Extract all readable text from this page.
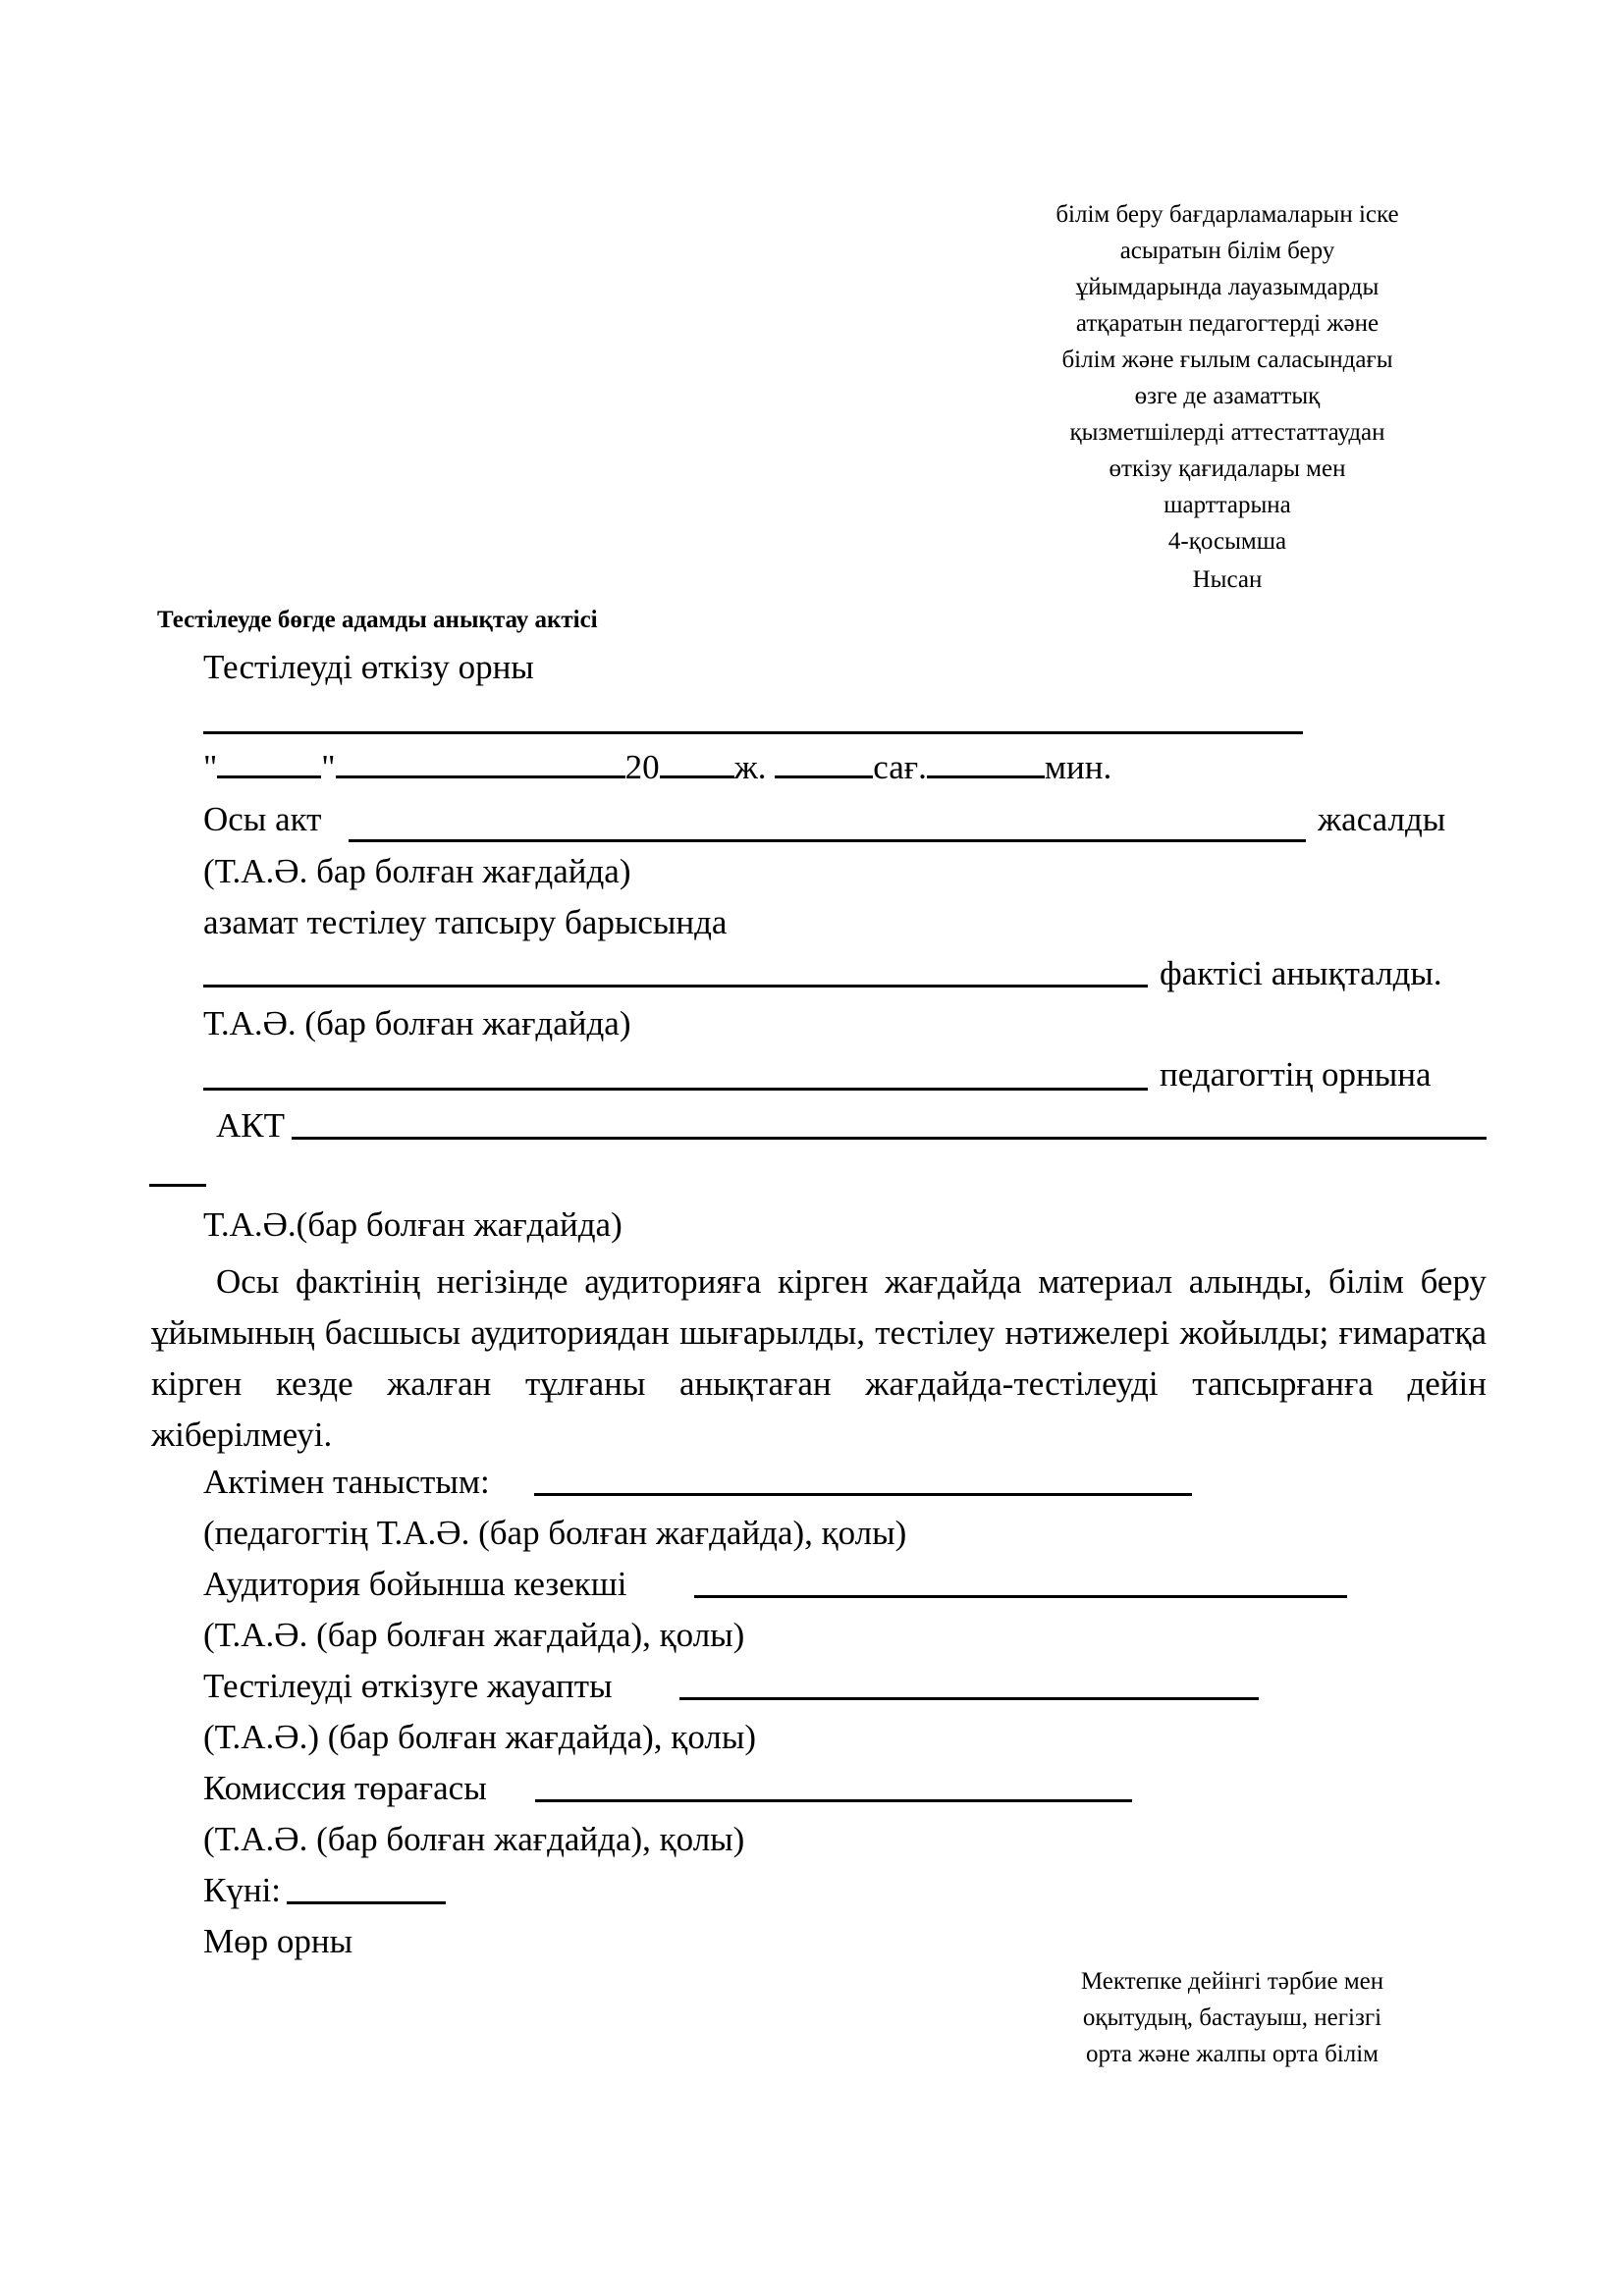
білім беру бағдарламаларын іске
асыратын білім беру
ұйымдарында лауазымдарды
атқаратын педагогтерді және
білім және ғылым саласындағы
өзге де азаматтық
қызметшілерді аттестаттаудан
өткізу қағидалары мен
шарттарына
4-қосымша
Нысан
Тестілеуде бөгде адамды анықтау актісі
Тестілеуді өткізу орны
"	"	20 ж.	сағ.	мин.
Осы акт	жасалды
(Т.А.Ә. бар болған жағдайда)
азамат тестілеу тапсыру барысында
фактісі анықталды.
Т.А.Ә. (бар болған жағдайда)
педагогтің орнына
АКТ
Т.А.Ә.(бар болған жағдайда)
Осы фактінің негізінде аудиторияға кірген жағдайда материал алынды, білім беру ұйымының басшысы аудиториядан шығарылды, тестілеу нәтижелері жойылды; ғимаратқа кірген кезде жалған тұлғаны анықтаған жағдайда-тестілеуді тапсырғанға дейін жіберілмеуі.
Актімен таныстым:
(педагогтің Т.А.Ә. (бар болған жағдайда), қолы)
Аудитория бойынша кезекші
(Т.А.Ә. (бар болған жағдайда), қолы)
Тестілеуді өткізуге жауапты
(Т.А.Ә.) (бар болған жағдайда), қолы)
Комиссия төрағасы
(Т.А.Ә. (бар болған жағдайда), қолы)
Күні:
Мөр орны
Мектепке дейінгі тәрбие мен
оқытудың, бастауыш, негізгі
орта және жалпы орта білім
